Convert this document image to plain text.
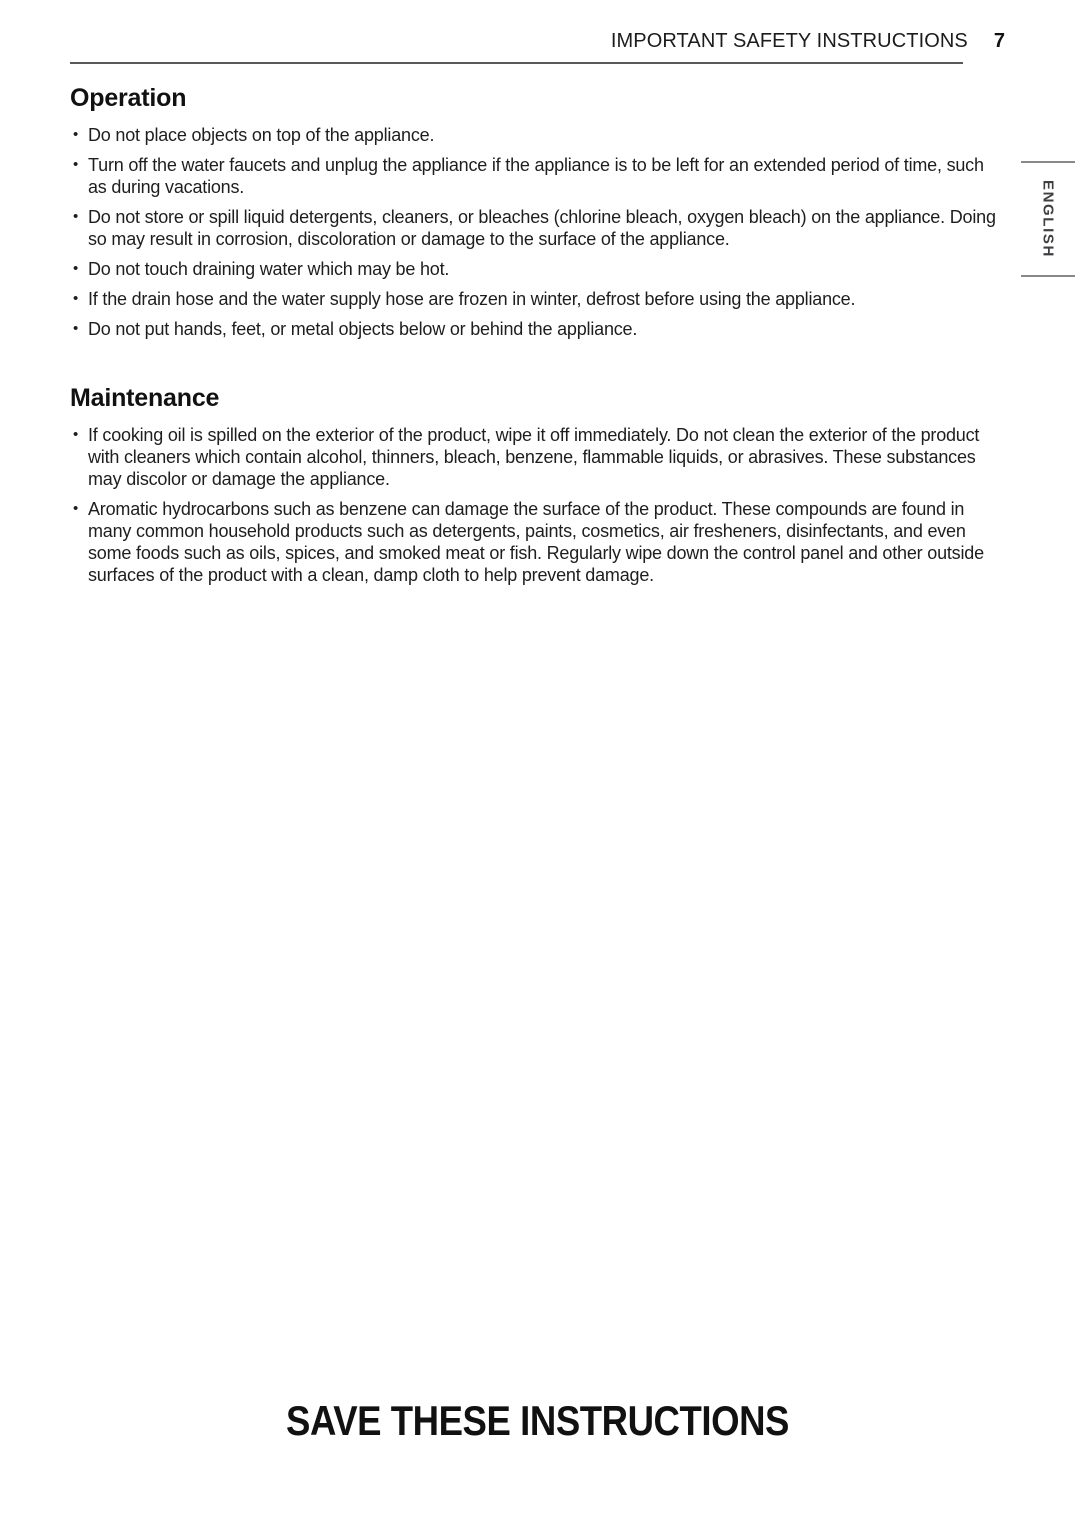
IMPORTANT SAFETY INSTRUCTIONS 7
ENGLISH
Operation
• Do not place objects on top of the appliance.
• Turn off the water faucets and unplug the appliance if the appliance is to be left for an extended period of time, such as during vacations.
• Do not store or spill liquid detergents, cleaners, or bleaches (chlorine bleach, oxygen bleach) on the appliance. Doing so may result in corrosion, discoloration or damage to the surface of the appliance.
• Do not touch draining water which may be hot.
• If the drain hose and the water supply hose are frozen in winter, defrost before using the appliance.
• Do not put hands, feet, or metal objects below or behind the appliance.
Maintenance
• If cooking oil is spilled on the exterior of the product, wipe it off immediately. Do not clean the exterior of the product with cleaners which contain alcohol, thinners, bleach, benzene, flammable liquids, or abrasives. These substances may discolor or damage the appliance.
• Aromatic hydrocarbons such as benzene can damage the surface of the product. These compounds are found in many common household products such as detergents, paints, cosmetics, air fresheners, disinfectants, and even some foods such as oils, spices, and smoked meat or fish. Regularly wipe down the control panel and other outside surfaces of the product with a clean, damp cloth to help prevent damage.
SAVE THESE INSTRUCTIONS
